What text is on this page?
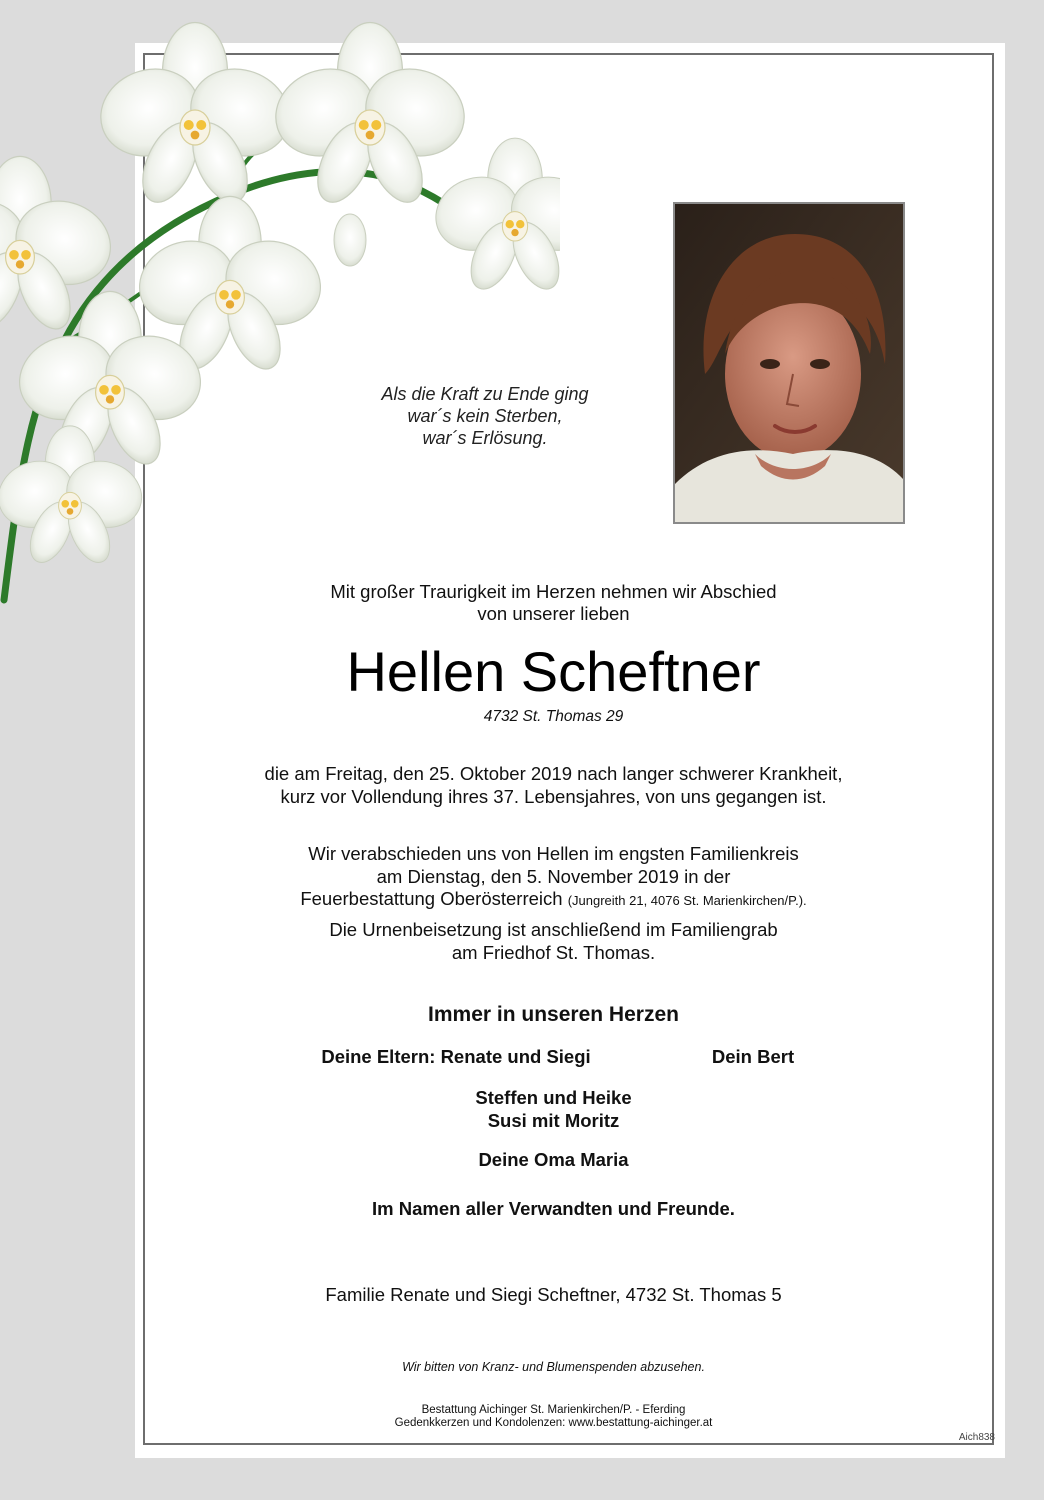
Als die Kraft zu Ende ging
war´s kein Sterben,
war´s Erlösung.
Mit großer Traurigkeit im Herzen nehmen wir Abschied
von unserer lieben
Hellen Scheftner
4732 St. Thomas 29
die am Freitag, den 25. Oktober 2019 nach langer schwerer Krankheit,
kurz vor Vollendung ihres 37. Lebensjahres, von uns gegangen ist.
Wir verabschieden uns von Hellen im engsten Familienkreis
am Dienstag, den 5. November 2019 in der
Feuerbestattung Oberösterreich (Jungreith 21, 4076 St. Marienkirchen/P.).
Die Urnenbeisetzung ist anschließend im Familiengrab
am Friedhof St. Thomas.
Immer in unseren Herzen
Deine Eltern: Renate und Siegi	Dein Bert
Steffen und Heike
Susi mit Moritz
Deine Oma Maria
Im Namen aller Verwandten und Freunde.
Familie Renate und Siegi Scheftner, 4732 St. Thomas 5
Wir bitten von Kranz- und Blumenspenden abzusehen.
Bestattung Aichinger St. Marienkirchen/P. - Eferding
Gedenkkerzen und Kondolenzen: www.bestattung-aichinger.at
Aich838
